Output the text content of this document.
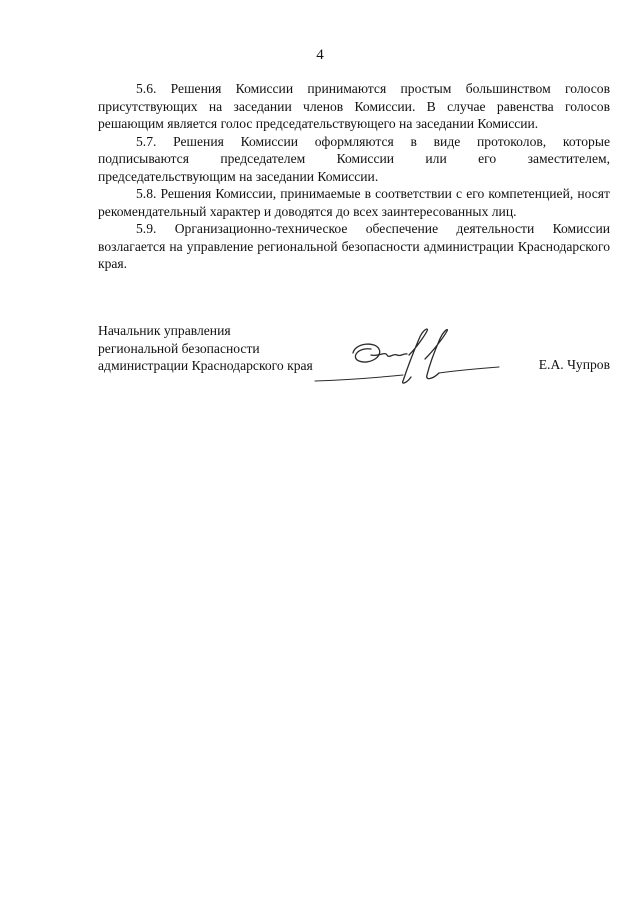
4

5.6. Решения Комиссии принимаются простым большинством голосов присутствующих на заседании членов Комиссии. В случае равенства голосов решающим является голос председательствующего на заседании Комиссии.

5.7. Решения Комиссии оформляются в виде протоколов, которые подписываются председателем Комиссии или его заместителем, председательствующим на заседании Комиссии.

5.8. Решения Комиссии, принимаемые в соответствии с его компетенцией, носят рекомендательный характер и доводятся до всех заинтересованных лиц.

5.9. Организационно-техническое обеспечение деятельности Комиссии возлагается на управление региональной безопасности администрации Краснодарского края.

Начальник управления
региональной безопасности
администрации Краснодарского края	Е.А. Чупров
